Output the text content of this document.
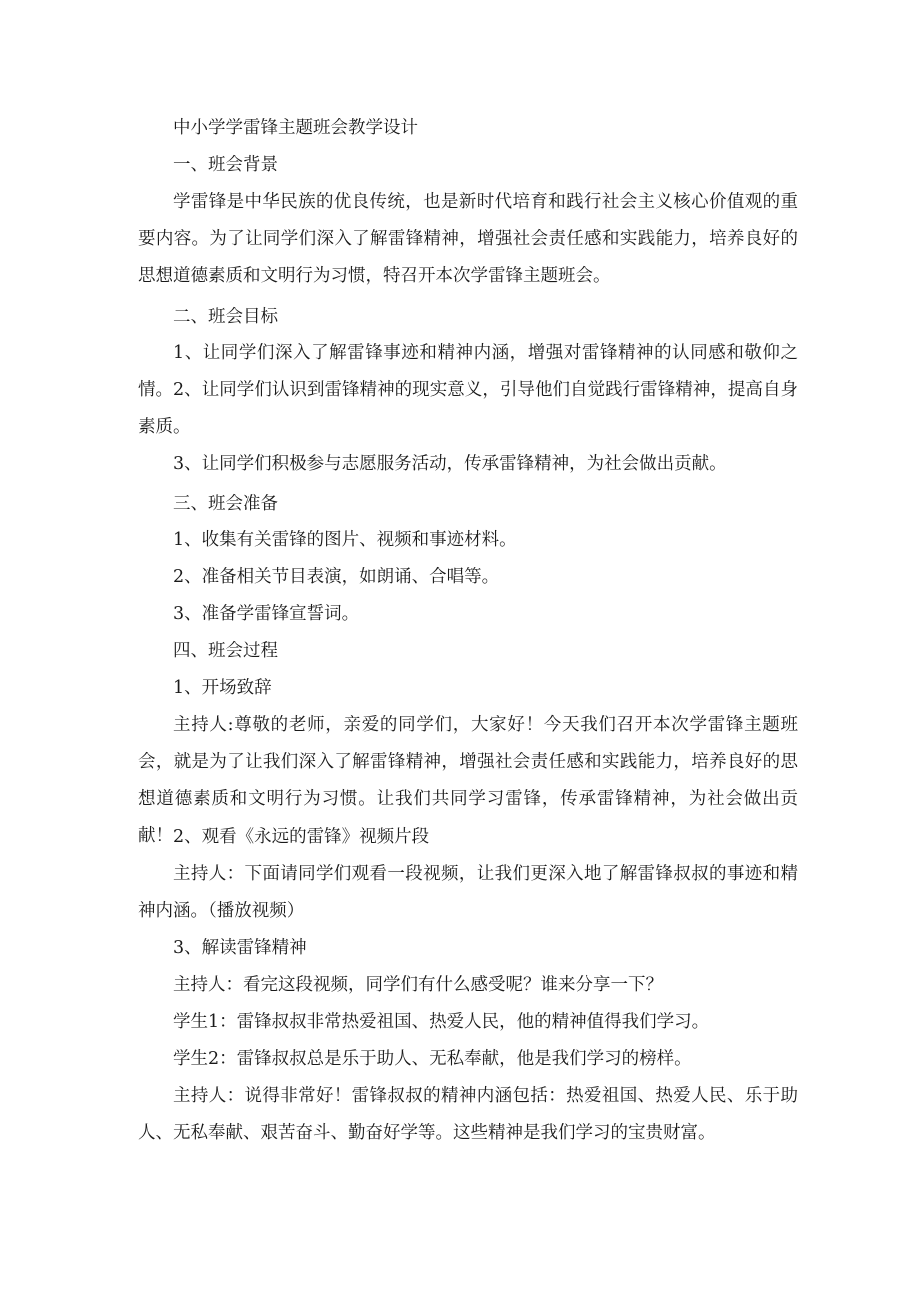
中小学学雷锋主题班会教学设计

一、班会背景

学雷锋是中华民族的优良传统，也是新时代培育和践行社会主义核心价值观的重要内容。为了让同学们深入了解雷锋精神，增强社会责任感和实践能力，培养良好的思想道德素质和文明行为习惯，特召开本次学雷锋主题班会。

二、班会目标

1、让同学们深入了解雷锋事迹和精神内涵，增强对雷锋精神的认同感和敬仰之情。 2、让同学们认识到雷锋精神的现实意义，引导他们自觉践行雷锋精神，提高自身素质。

3、让同学们积极参与志愿服务活动，传承雷锋精神，为社会做出贡献。

三、班会准备

1、收集有关雷锋的图片、视频和事迹材料。

2、准备相关节目表演，如朗诵、合唱等。

3、准备学雷锋宣誓词。

四、班会过程

1、开场致辞

主持人:尊敬的老师，亲爱的同学们，大家好！今天我们召开本次学雷锋主题班会，就是为了让我们深入了解雷锋精神，增强社会责任感和实践能力，培养良好的思想道德素质和文明行为习惯。让我们共同学习雷锋，传承雷锋精神，为社会做出贡献！ 2、观看《永远的雷锋》视频片段

主持人：下面请同学们观看一段视频，让我们更深入地了解雷锋叔叔的事迹和精神内涵。（播放视频）

3、解读雷锋精神

主持人：看完这段视频，同学们有什么感受呢？谁来分享一下？

学生1：雷锋叔叔非常热爱祖国、热爱人民，他的精神值得我们学习。

学生2：雷锋叔叔总是乐于助人、无私奉献，他是我们学习的榜样。

主持人：说得非常好！雷锋叔叔的精神内涵包括：热爱祖国、热爱人民、乐于助人、无私奉献、艰苦奋斗、勤奋好学等。这些精神是我们学习的宝贵财富。
